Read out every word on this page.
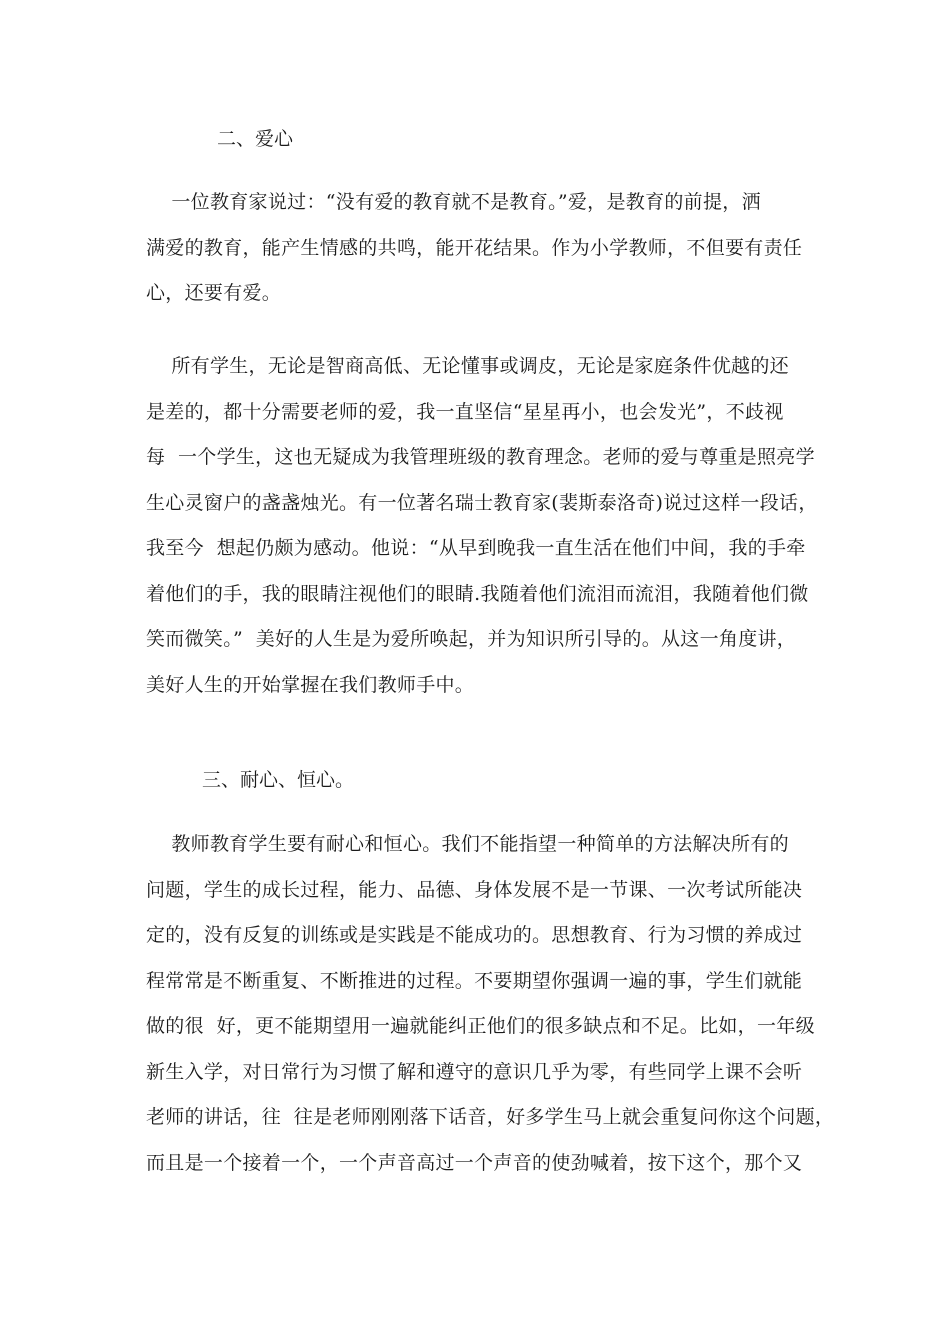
二、爱心
一位教育家说过：“没有爱的教育就不是教育。”爱，是教育的前提，洒
满爱的教育，能产生情感的共鸣，能开花结果。作为小学教师，不但要有责任
心，还要有爱。
所有学生，无论是智商高低、无论懂事或调皮，无论是家庭条件优越的还
是差的，都十分需要老师的爱，我一直坚信“星星再小，也会发光”，不歧视
每  一个学生，这也无疑成为我管理班级的教育理念。老师的爱与尊重是照亮学
生心灵窗户的盏盏烛光。有一位著名瑞士教育家(裴斯泰洛奇)说过这样一段话，
我至今  想起仍颇为感动。他说：“从早到晚我一直生活在他们中间，我的手牵
着他们的手，我的眼睛注视他们的眼睛.我随着他们流泪而流泪，我随着他们微
笑而微笑。”  美好的人生是为爱所唤起，并为知识所引导的。从这一角度讲，
美好人生的开始掌握在我们教师手中。
三、耐心、恒心。
教师教育学生要有耐心和恒心。我们不能指望一种简单的方法解决所有的
问题，学生的成长过程，能力、品德、身体发展不是一节课、一次考试所能决
定的，没有反复的训练或是实践是不能成功的。思想教育、行为习惯的养成过
程常常是不断重复、不断推进的过程。不要期望你强调一遍的事，学生们就能
做的很  好，更不能期望用一遍就能纠正他们的很多缺点和不足。比如，一年级
新生入学，对日常行为习惯了解和遵守的意识几乎为零，有些同学上课不会听
老师的讲话，往  往是老师刚刚落下话音，好多学生马上就会重复问你这个问题，
而且是一个接着一个，一个声音高过一个声音的使劲喊着，按下这个，那个又
